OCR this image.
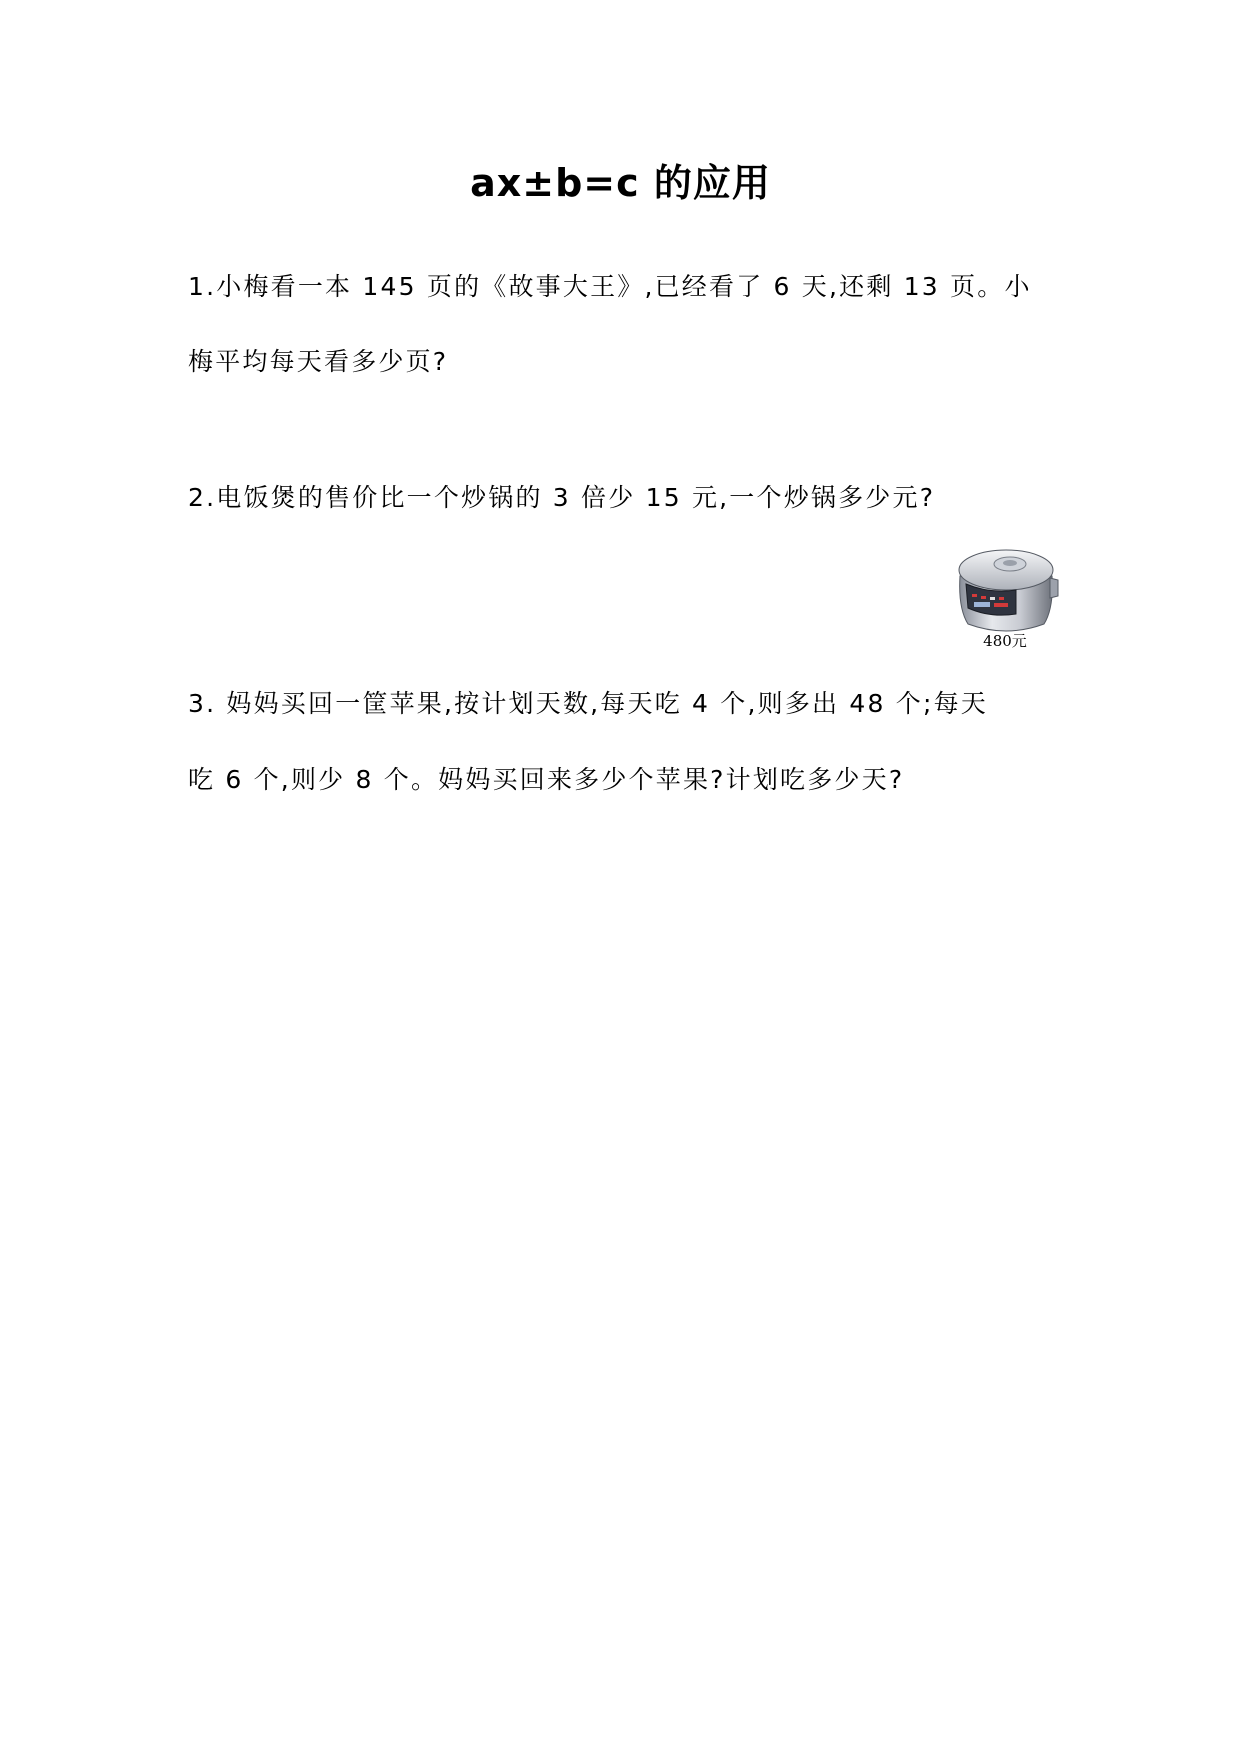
ax±b=c 的应用
1.小梅看一本 145 页的《故事大王》,已经看了 6 天,还剩 13 页。小
梅平均每天看多少页?
2.电饭煲的售价比一个炒锅的 3 倍少 15 元,一个炒锅多少元?
480元
3. 妈妈买回一筐苹果,按计划天数,每天吃 4 个,则多出 48 个;每天
吃 6 个,则少 8 个。妈妈买回来多少个苹果?计划吃多少天?
